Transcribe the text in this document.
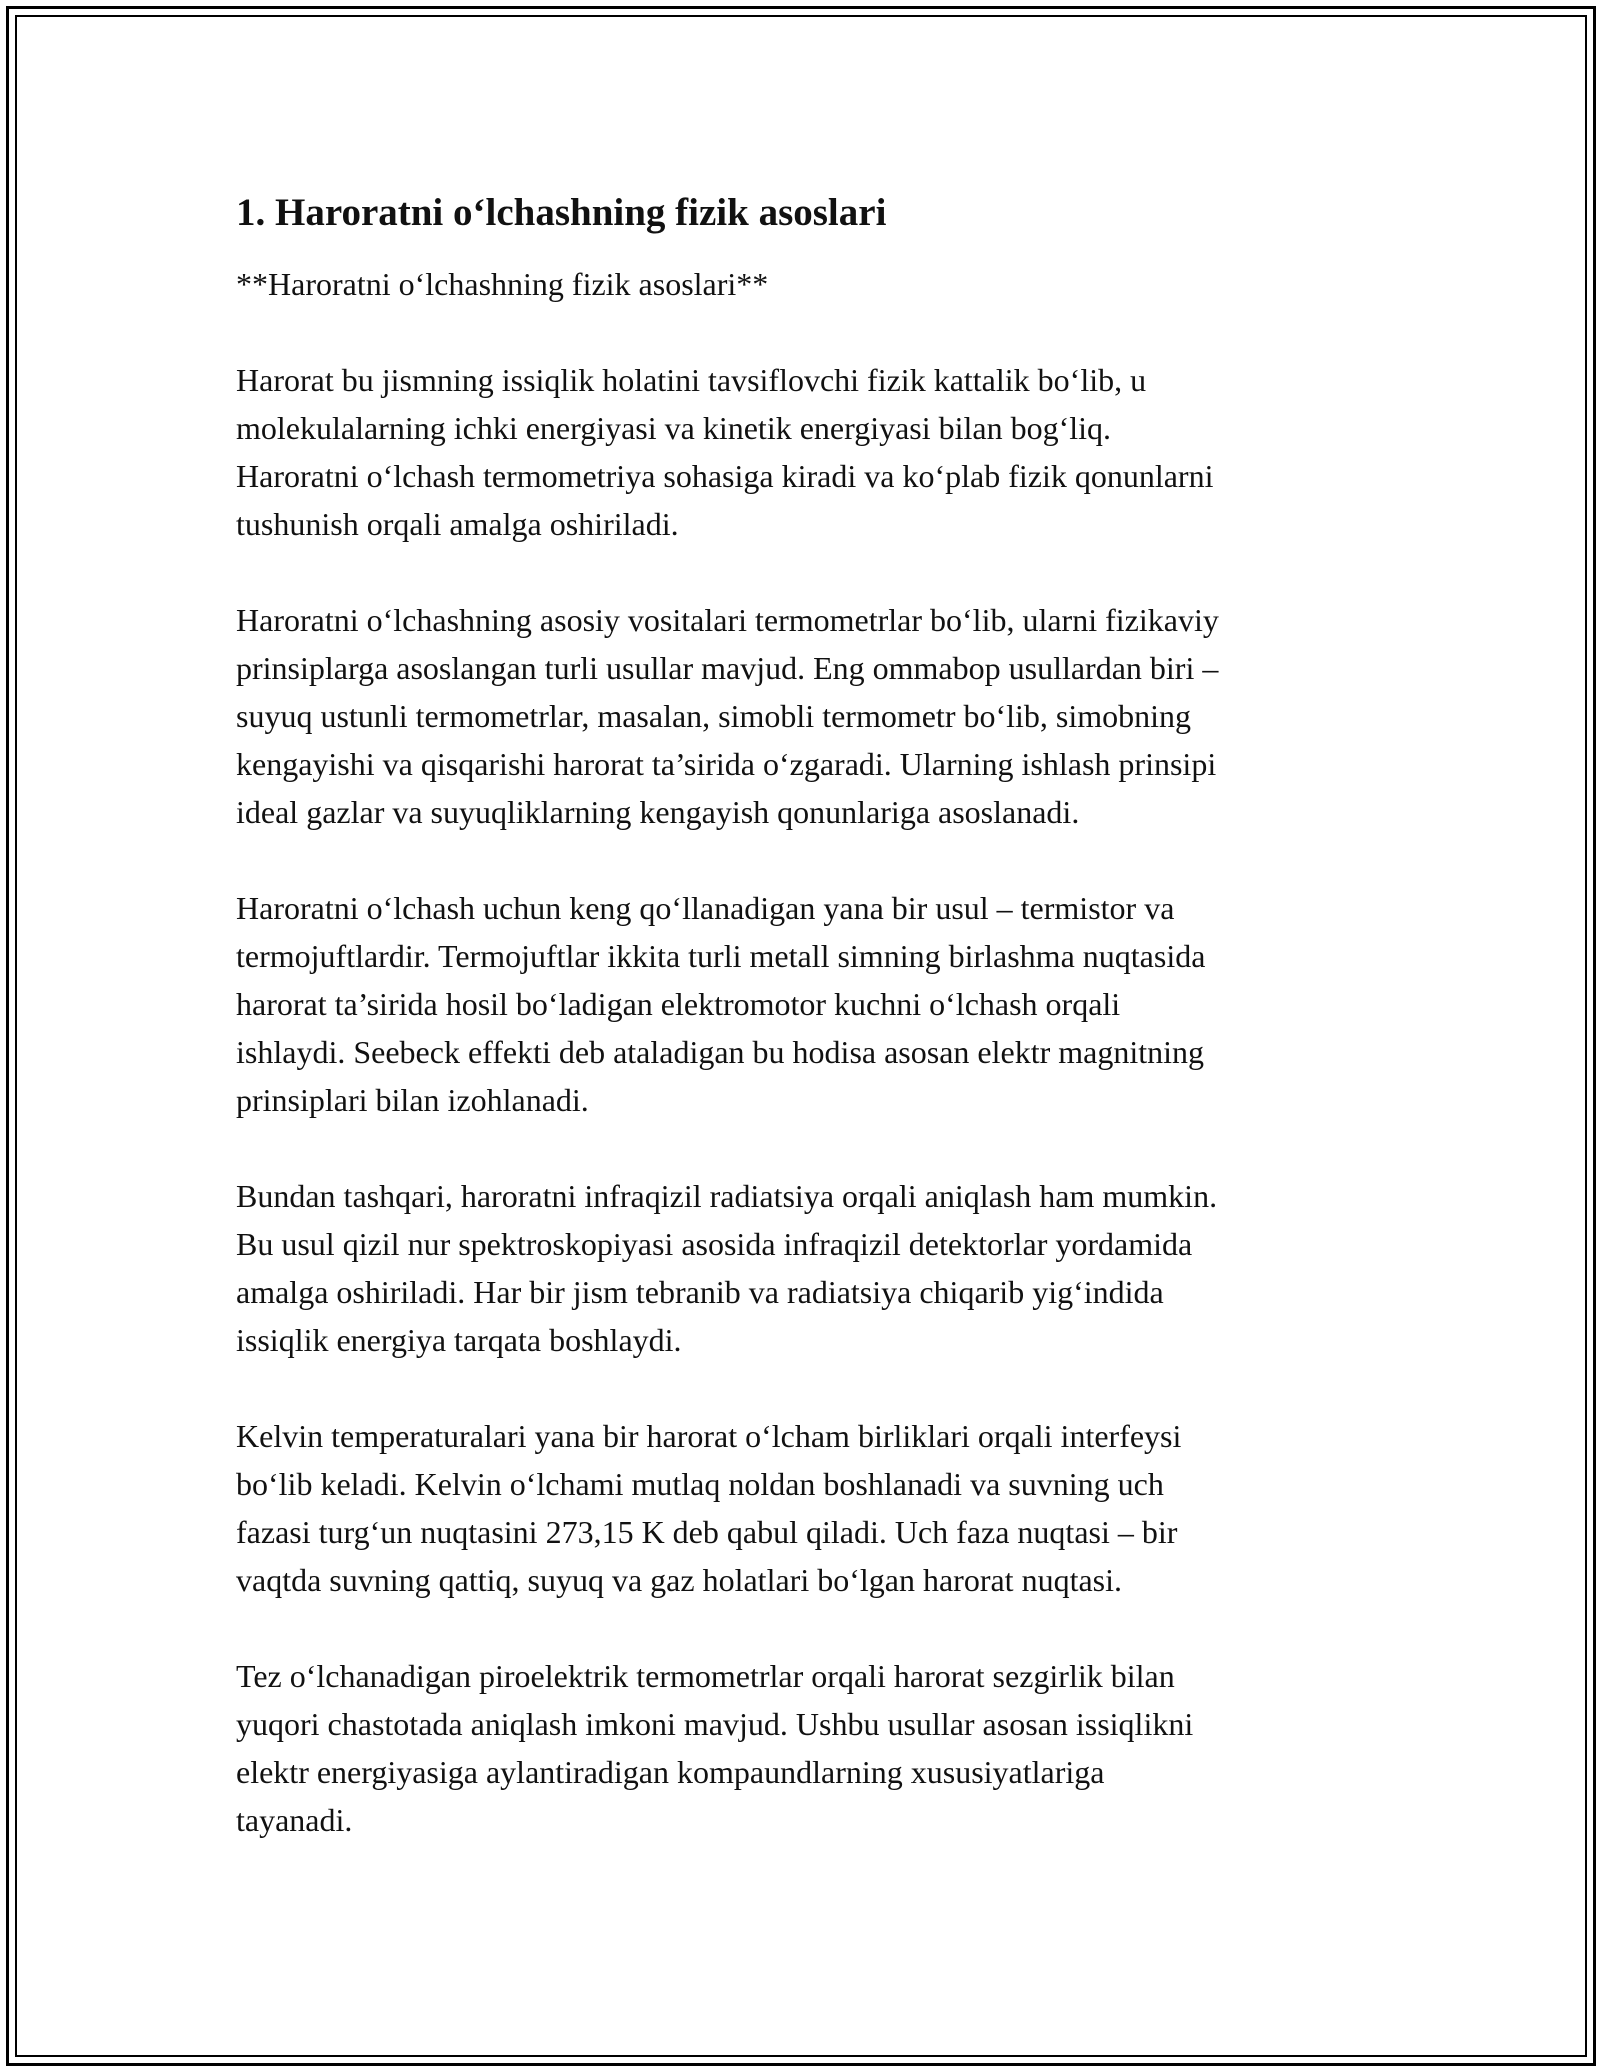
1. Haroratni o‘lchashning fizik asoslari

**Haroratni o‘lchashning fizik asoslari**

Harorat bu jismning issiqlik holatini tavsiflovchi fizik kattalik bo‘lib, u
molekulalarning ichki energiyasi va kinetik energiyasi bilan bog‘liq.
Haroratni o‘lchash termometriya sohasiga kiradi va ko‘plab fizik qonunlarni
tushunish orqali amalga oshiriladi.
Haroratni o‘lchashning asosiy vositalari termometrlar bo‘lib, ularni fizikaviy
prinsiplarga asoslangan turli usullar mavjud. Eng ommabop usullardan biri –
suyuq ustunli termometrlar, masalan, simobli termometr bo‘lib, simobning
kengayishi va qisqarishi harorat ta’sirida o‘zgaradi. Ularning ishlash prinsipi
ideal gazlar va suyuqliklarning kengayish qonunlariga asoslanadi.
Haroratni o‘lchash uchun keng qo‘llanadigan yana bir usul – termistor va
termojuftlardir. Termojuftlar ikkita turli metall simning birlashma nuqtasida
harorat ta’sirida hosil bo‘ladigan elektromotor kuchni o‘lchash orqali
ishlaydi. Seebeck effekti deb ataladigan bu hodisa asosan elektr magnitning
prinsiplari bilan izohlanadi.
Bundan tashqari, haroratni infraqizil radiatsiya orqali aniqlash ham mumkin.
Bu usul qizil nur spektroskopiyasi asosida infraqizil detektorlar yordamida
amalga oshiriladi. Har bir jism tebranib va radiatsiya chiqarib yig‘indida
issiqlik energiya tarqata boshlaydi.
Kelvin temperaturalari yana bir harorat o‘lcham birliklari orqali interfeysi
bo‘lib keladi. Kelvin o‘lchami mutlaq noldan boshlanadi va suvning uch
fazasi turg‘un nuqtasini 273,15 K deb qabul qiladi. Uch faza nuqtasi – bir
vaqtda suvning qattiq, suyuq va gaz holatlari bo‘lgan harorat nuqtasi.
Tez o‘lchanadigan piroelektrik termometrlar orqali harorat sezgirlik bilan
yuqori chastotada aniqlash imkoni mavjud. Ushbu usullar asosan issiqlikni
elektr energiyasiga aylantiradigan kompaundlarning xususiyatlariga
tayanadi.
